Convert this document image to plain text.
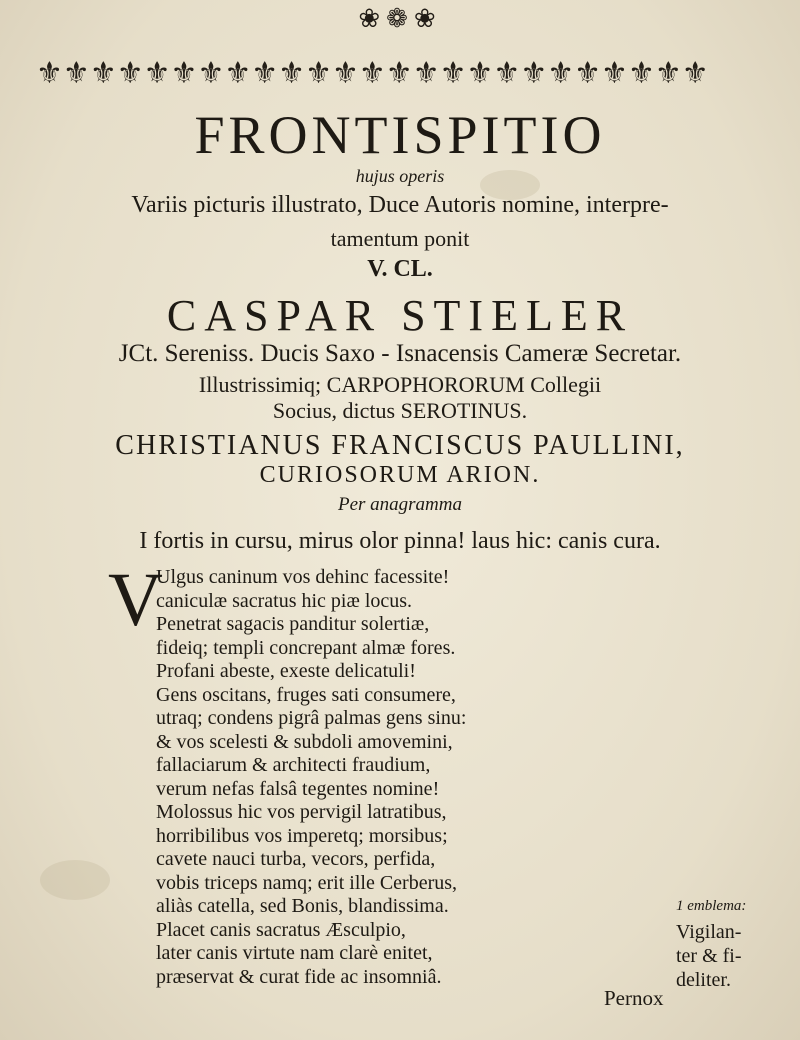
❀❁❀
⚜ ⚜ ⚜ ⚜ ⚜ ⚜ ⚜ ⚜ ⚜ ⚜ ⚜ ⚜ ⚜ ⚜ ⚜ ⚜ ⚜ ⚜ ⚜ ⚜ ⚜ ⚜ ⚜ ⚜ ⚜
FRONTISPITIO
hujus operis
Variis picturis illustrato, Duce Autoris nomine, interpre-
tamentum ponit
V. CL.
CASPAR STIELER
JCt. Sereniss. Ducis Saxo - Isnacensis Cameræ Secretar.
Illustrissimiq; CARPOPHORORUM Collegii
Socius, dictus SEROTINUS.
CHRISTIANUS FRANCISCUS PAULLINI,
CURIOSORUM ARION.
Per anagramma
I fortis in cursu, mirus olor pinna! laus hic: canis cura.
V
Ulgus caninum vos dehinc facessite!
caniculæ sacratus hic piæ locus.
Penetrat sagacis panditur solertiæ,
fideiq; templi concrepant almæ fores.
Profani abeste, exeste delicatuli!
Gens oscitans, fruges sati consumere,
utraq; condens pigrâ palmas gens sinu:
& vos scelesti & subdoli amovemini,
fallaciarum & architecti fraudium,
verum nefas falsâ tegentes nomine!
Molossus hic vos pervigil latratibus,
horribilibus vos imperetq; morsibus;
cavete nauci turba, vecors, perfida,
vobis triceps namq; erit ille Cerberus,
aliàs catella, sed Bonis, blandissima.
Placet canis sacratus Æsculpio,
later canis virtute nam clarè enitet,
præservat & curat fide ac insomniâ.
1 emblema:
Vigilan-
ter & fi-
deliter.
Pernox
